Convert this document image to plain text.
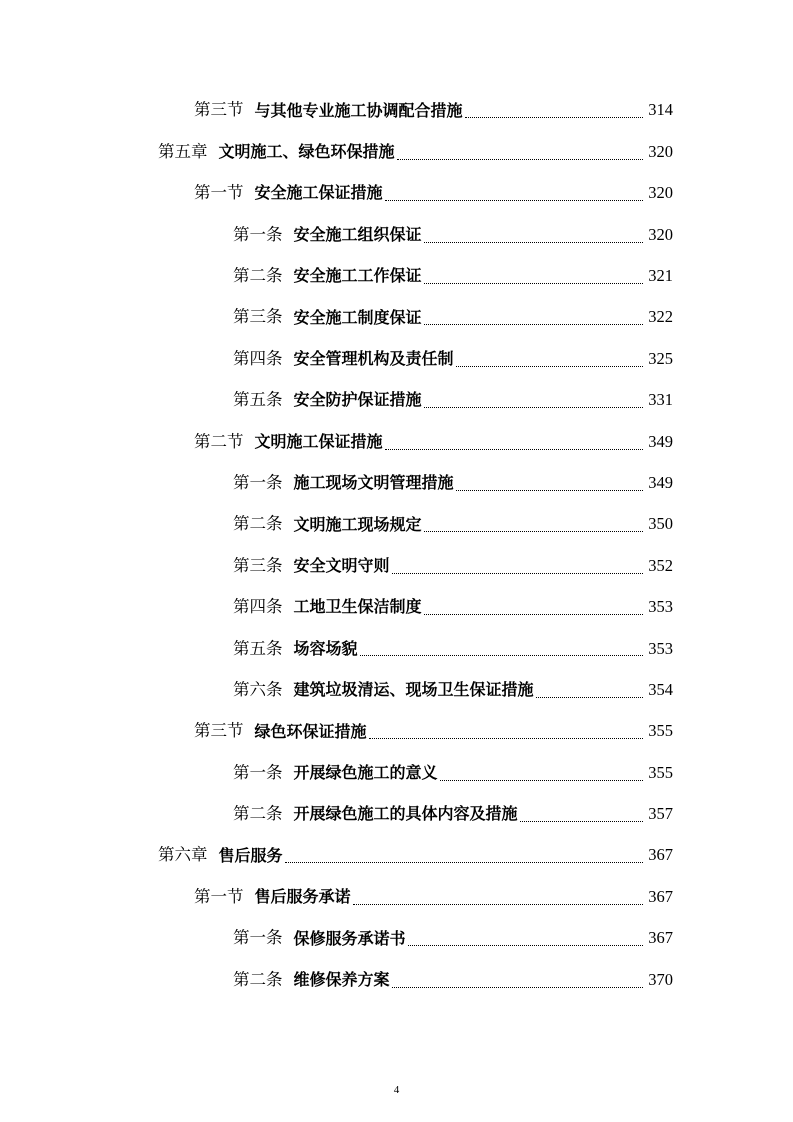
第三节 与其他专业施工协调配合措施	314
第五章 文明施工、绿色环保措施	320
第一节 安全施工保证措施	320
第一条 安全施工组织保证	320
第二条 安全施工工作保证	321
第三条 安全施工制度保证	322
第四条 安全管理机构及责任制	325
第五条 安全防护保证措施	331
第二节 文明施工保证措施	349
第一条 施工现场文明管理措施	349
第二条 文明施工现场规定	350
第三条 安全文明守则	352
第四条 工地卫生保洁制度	353
第五条 场容场貌	353
第六条 建筑垃圾清运、现场卫生保证措施	354
第三节 绿色环保证措施	355
第一条 开展绿色施工的意义	355
第二条 开展绿色施工的具体内容及措施	357
第六章 售后服务	367
第一节 售后服务承诺	367
第一条 保修服务承诺书	367
第二条 维修保养方案	370
4
